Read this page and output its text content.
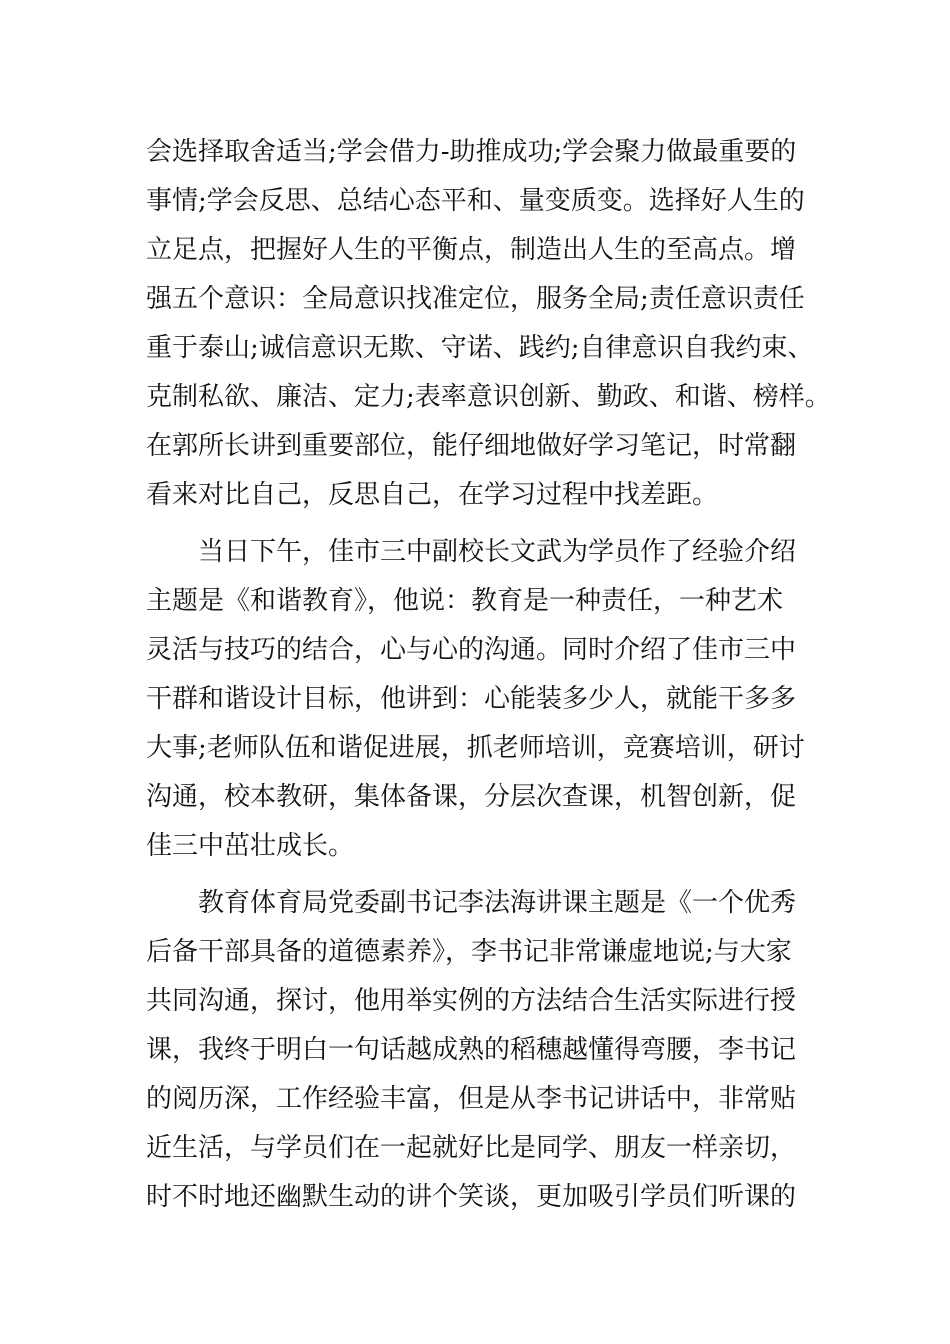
会选择取舍适当;学会借力-助推成功;学会聚力做最重要的
事情;学会反思、总结心态平和、量变质变。选择好人生的
立足点，把握好人生的平衡点，制造出人生的至高点。增
强五个意识：全局意识找准定位，服务全局;责任意识责任
重于泰山;诚信意识无欺、守诺、践约;自律意识自我约束、
克制私欲、廉洁、定力;表率意识创新、勤政、和谐、榜样。
在郭所长讲到重要部位，能仔细地做好学习笔记，时常翻
看来对比自己，反思自己，在学习过程中找差距。
当日下午，佳市三中副校长文武为学员作了经验介绍
主题是《和谐教育》，他说：教育是一种责任，一种艺术
灵活与技巧的结合，心与心的沟通。同时介绍了佳市三中
干群和谐设计目标，他讲到：心能装多少人，就能干多多
大事;老师队伍和谐促进展，抓老师培训，竞赛培训，研讨
沟通，校本教研，集体备课，分层次查课，机智创新，促
佳三中茁壮成长。
教育体育局党委副书记李法海讲课主题是《一个优秀
后备干部具备的道德素养》，李书记非常谦虚地说;与大家
共同沟通，探讨，他用举实例的方法结合生活实际进行授
课，我终于明白一句话越成熟的稻穗越懂得弯腰，李书记
的阅历深，工作经验丰富，但是从李书记讲话中，非常贴
近生活，与学员们在一起就好比是同学、朋友一样亲切，
时不时地还幽默生动的讲个笑谈，更加吸引学员们听课的
